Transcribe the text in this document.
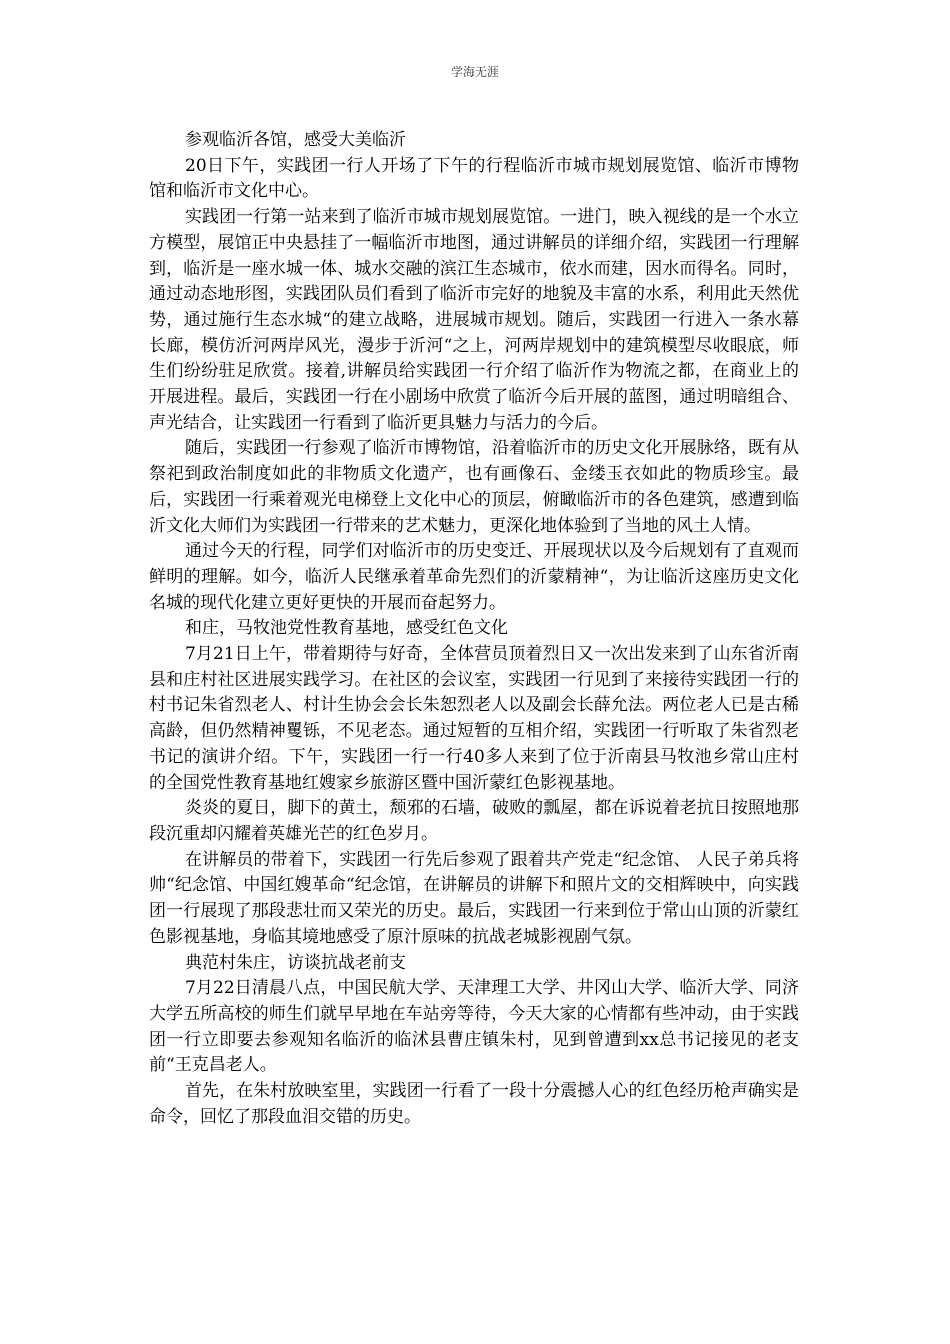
学海无涯

参观临沂各馆，感受大美临沂

20日下午，实践团一行人开场了下午的行程临沂市城市规划展览馆、临沂市博物馆和临沂市文化中心。

实践团一行第一站来到了临沂市城市规划展览馆。一进门，映入视线的是一个水立方模型，展馆正中央悬挂了一幅临沂市地图，通过讲解员的详细介绍，实践团一行理解到，临沂是一座水城一体、城水交融的滨江生态城市，依水而建，因水而得名。同时，通过动态地形图，实践团队员们看到了临沂市完好的地貌及丰富的水系，利用此天然优势，通过施行生态水城“的建立战略，进展城市规划。随后，实践团一行进入一条水幕长廊，模仿沂河两岸风光，漫步于沂河“之上，河两岸规划中的建筑模型尽收眼底，师生们纷纷驻足欣赏。接着,讲解员给实践团一行介绍了临沂作为物流之都，在商业上的开展进程。最后，实践团一行在小剧场中欣赏了临沂今后开展的蓝图，通过明暗组合、声光结合，让实践团一行看到了临沂更具魅力与活力的今后。

随后，实践团一行参观了临沂市博物馆，沿着临沂市的历史文化开展脉络，既有从祭祀到政治制度如此的非物质文化遗产，也有画像石、金缕玉衣如此的物质珍宝。最后，实践团一行乘着观光电梯登上文化中心的顶层，俯瞰临沂市的各色建筑，感遭到临沂文化大师们为实践团一行带来的艺术魅力，更深化地体验到了当地的风土人情。

通过今天的行程，同学们对临沂市的历史变迁、开展现状以及今后规划有了直观而鲜明的理解。如今，临沂人民继承着革命先烈们的沂蒙精神“，为让临沂这座历史文化名城的现代化建立更好更快的开展而奋起努力。

和庄，马牧池党性教育基地，感受红色文化

7月21日上午，带着期待与好奇，全体营员顶着烈日又一次出发来到了山东省沂南县和庄村社区进展实践学习。在社区的会议室，实践团一行见到了来接待实践团一行的村书记朱省烈老人、村计生协会会长朱恕烈老人以及副会长薛允法。两位老人已是古稀高龄，但仍然精神矍铄，不见老态。通过短暂的互相介绍，实践团一行听取了朱省烈老书记的演讲介绍。下午，实践团一行一行40多人来到了位于沂南县马牧池乡常山庄村的全国党性教育基地红嫂家乡旅游区暨中国沂蒙红色影视基地。

炎炎的夏日，脚下的黄土，颓邪的石墙，破败的瓢屋，都在诉说着老抗日按照地那段沉重却闪耀着英雄光芒的红色岁月。

在讲解员的带着下，实践团一行先后参观了跟着共产党走“纪念馆、 人民子弟兵将帅“纪念馆、中国红嫂革命“纪念馆，在讲解员的讲解下和照片文的交相辉映中，向实践团一行展现了那段悲壮而又荣光的历史。最后，实践团一行来到位于常山山顶的沂蒙红色影视基地，身临其境地感受了原汁原味的抗战老城影视剧气氛。

典范村朱庄，访谈抗战老前支

7月22日清晨八点，中国民航大学、天津理工大学、井冈山大学、临沂大学、同济大学五所高校的师生们就早早地在车站旁等待，今天大家的心情都有些冲动，由于实践团一行立即要去参观知名临沂的临沭县曹庄镇朱村，见到曾遭到xx总书记接见的老支前“王克昌老人。

首先，在朱村放映室里，实践团一行看了一段十分震撼人心的红色经历枪声确实是命令，回忆了那段血泪交错的历史。
